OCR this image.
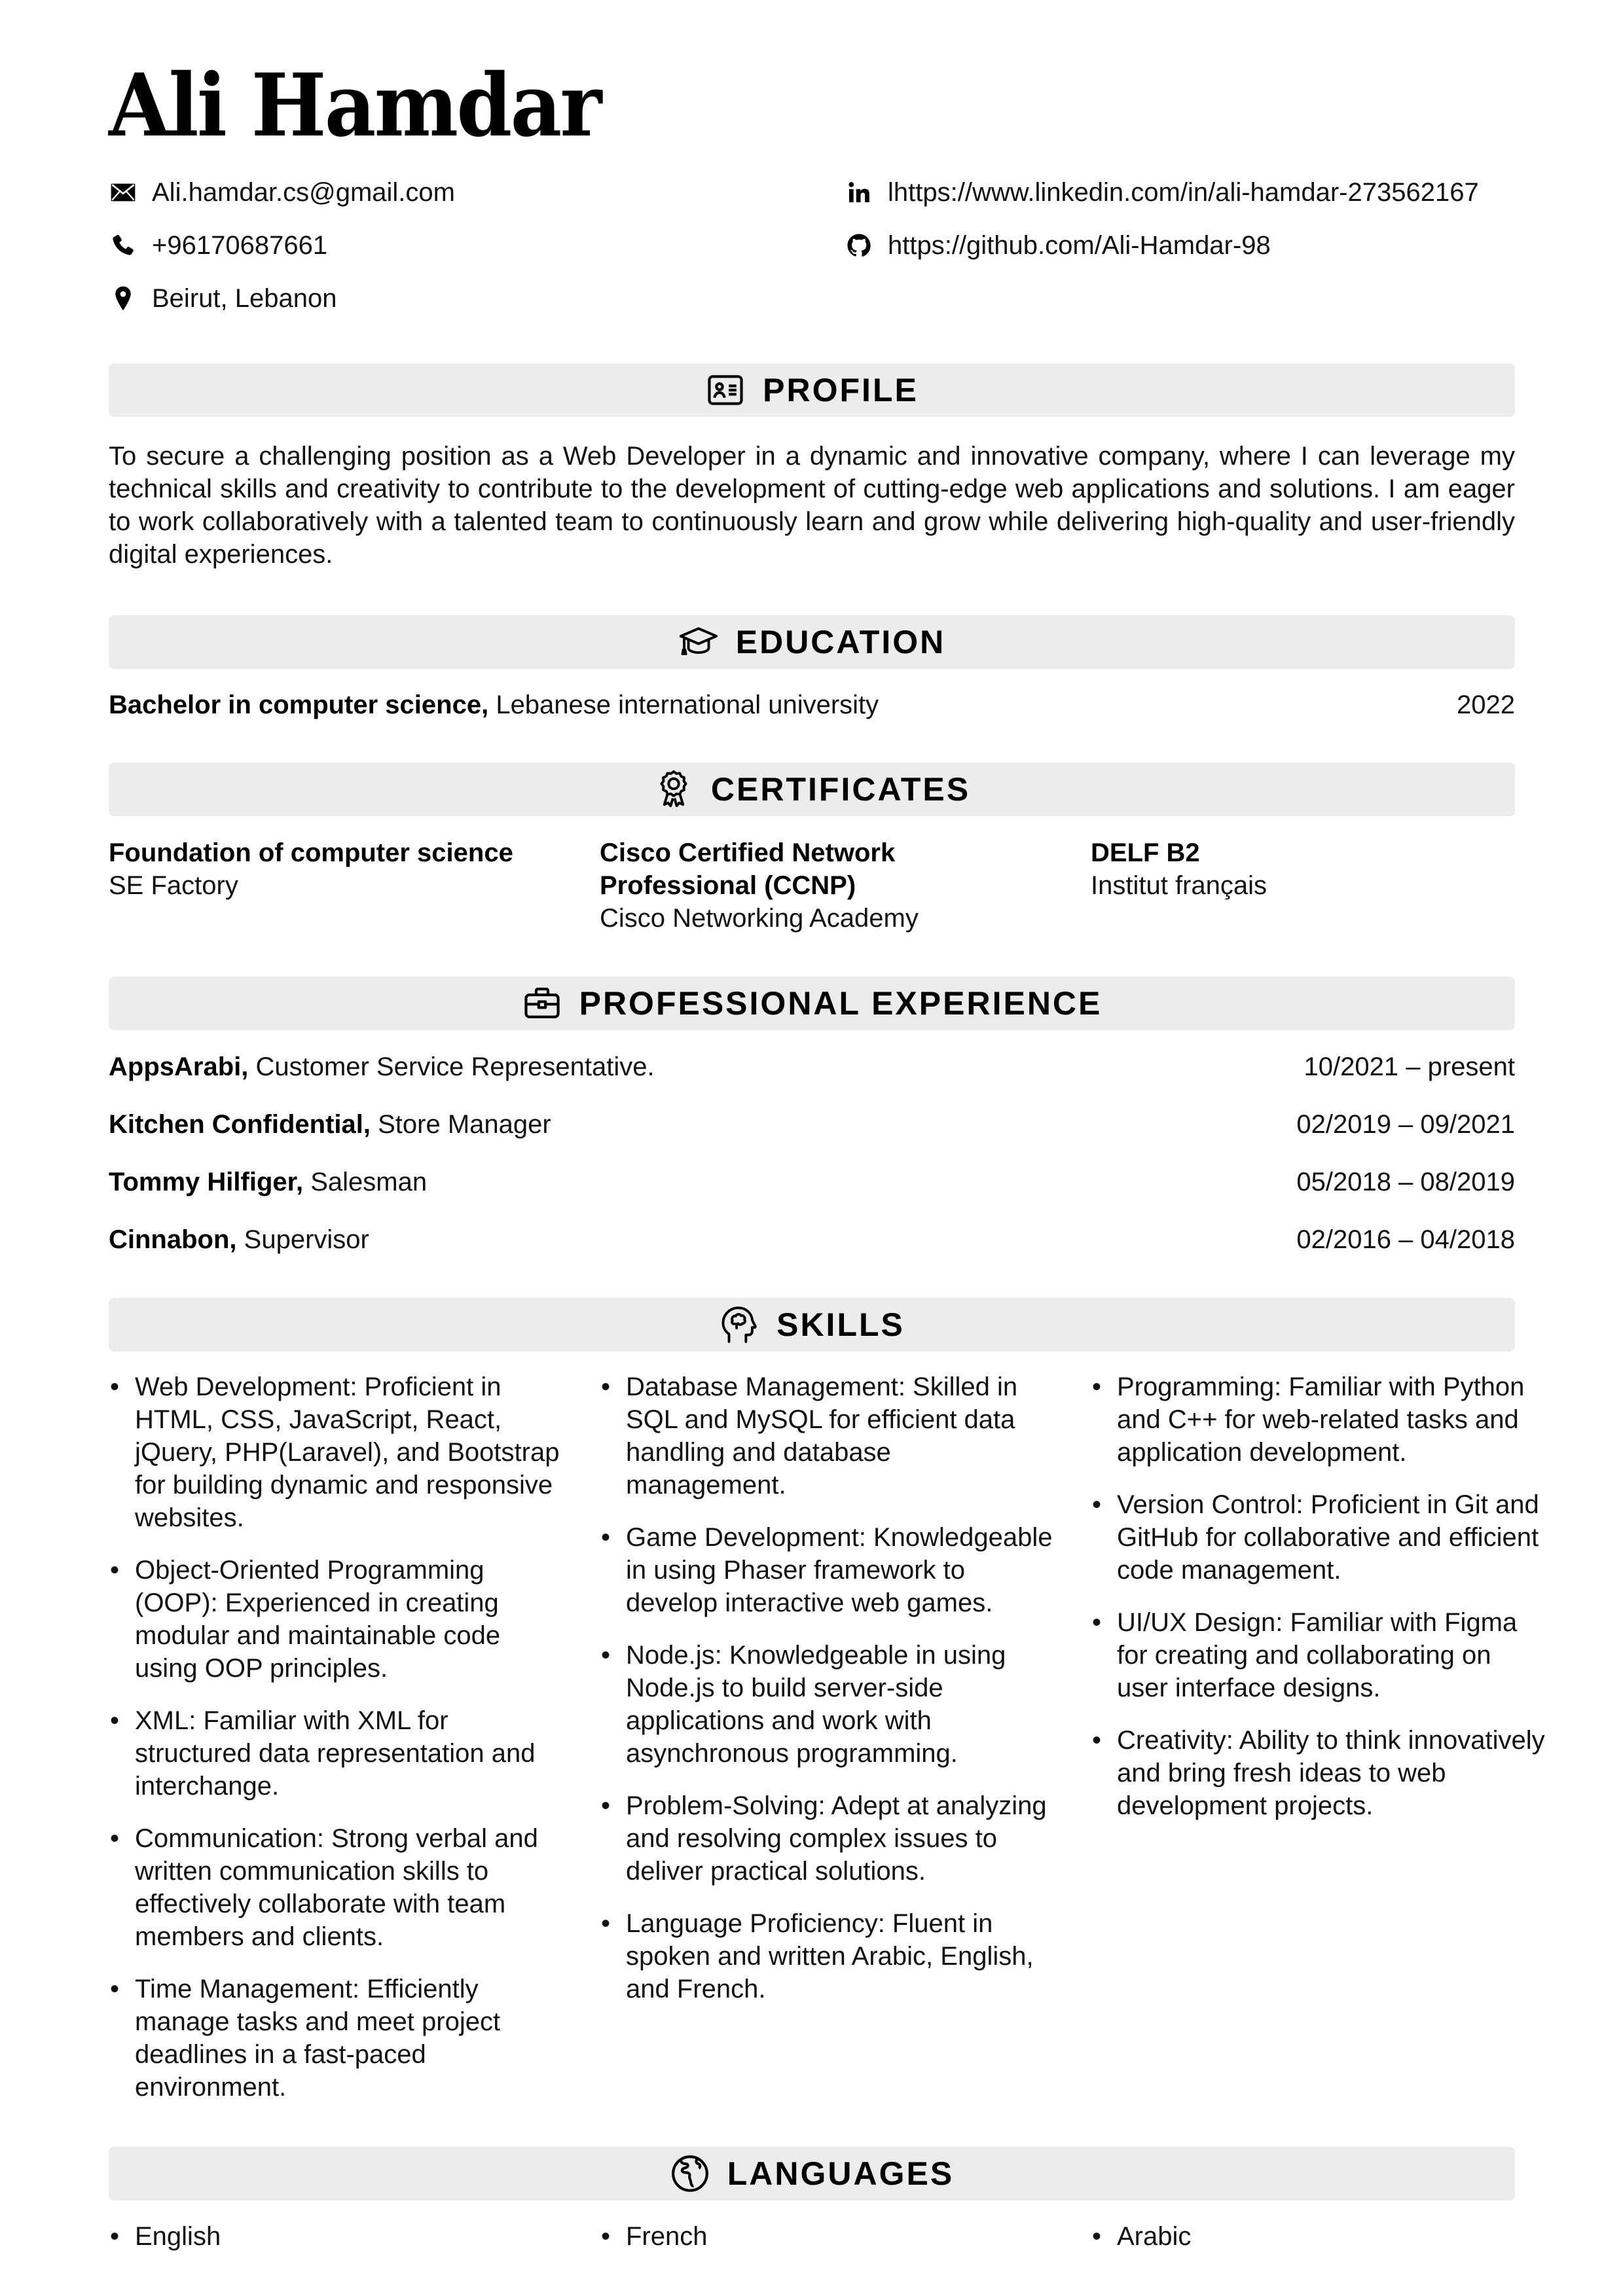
Ali Hamdar
Ali.hamdar.cs@gmail.com
+96170687661
Beirut, Lebanon
lhttps://www.linkedin.com/in/ali-hamdar-273562167
https://github.com/Ali-Hamdar-98
PROFILE
To secure a challenging position as a Web Developer in a dynamic and innovative company, where I can leverage my technical skills and creativity to contribute to the development of cutting-edge web applications and solutions. I am eager to work collaboratively with a talented team to continuously learn and grow while delivering high-quality and user-friendly digital experiences.
EDUCATION
Bachelor in computer science, Lebanese international university	2022
CERTIFICATES
Foundation of computer science
SE Factory
Cisco Certified Network Professional (CCNP)
Cisco Networking Academy
DELF B2
Institut français
PROFESSIONAL EXPERIENCE
AppsArabi, Customer Service Representative.	10/2021 – present
Kitchen Confidential, Store Manager	02/2019 – 09/2021
Tommy Hilfiger, Salesman	05/2018 – 08/2019
Cinnabon, Supervisor	02/2016 – 04/2018
SKILLS
• Web Development: Proficient in HTML, CSS, JavaScript, React, jQuery, PHP(Laravel), and Bootstrap for building dynamic and responsive websites.
• Object-Oriented Programming (OOP): Experienced in creating modular and maintainable code using OOP principles.
• XML: Familiar with XML for structured data representation and interchange.
• Communication: Strong verbal and written communication skills to effectively collaborate with team members and clients.
• Time Management: Efficiently manage tasks and meet project deadlines in a fast-paced environment.
• Database Management: Skilled in SQL and MySQL for efficient data handling and database management.
• Game Development: Knowledgeable in using Phaser framework to develop interactive web games.
• Node.js: Knowledgeable in using Node.js to build server-side applications and work with asynchronous programming.
• Problem-Solving: Adept at analyzing and resolving complex issues to deliver practical solutions.
• Language Proficiency: Fluent in spoken and written Arabic, English, and French.
• Programming: Familiar with Python and C++ for web-related tasks and application development.
• Version Control: Proficient in Git and GitHub for collaborative and efficient code management.
• UI/UX Design: Familiar with Figma for creating and collaborating on user interface designs.
• Creativity: Ability to think innovatively and bring fresh ideas to web development projects.
LANGUAGES
• English	• French	• Arabic
